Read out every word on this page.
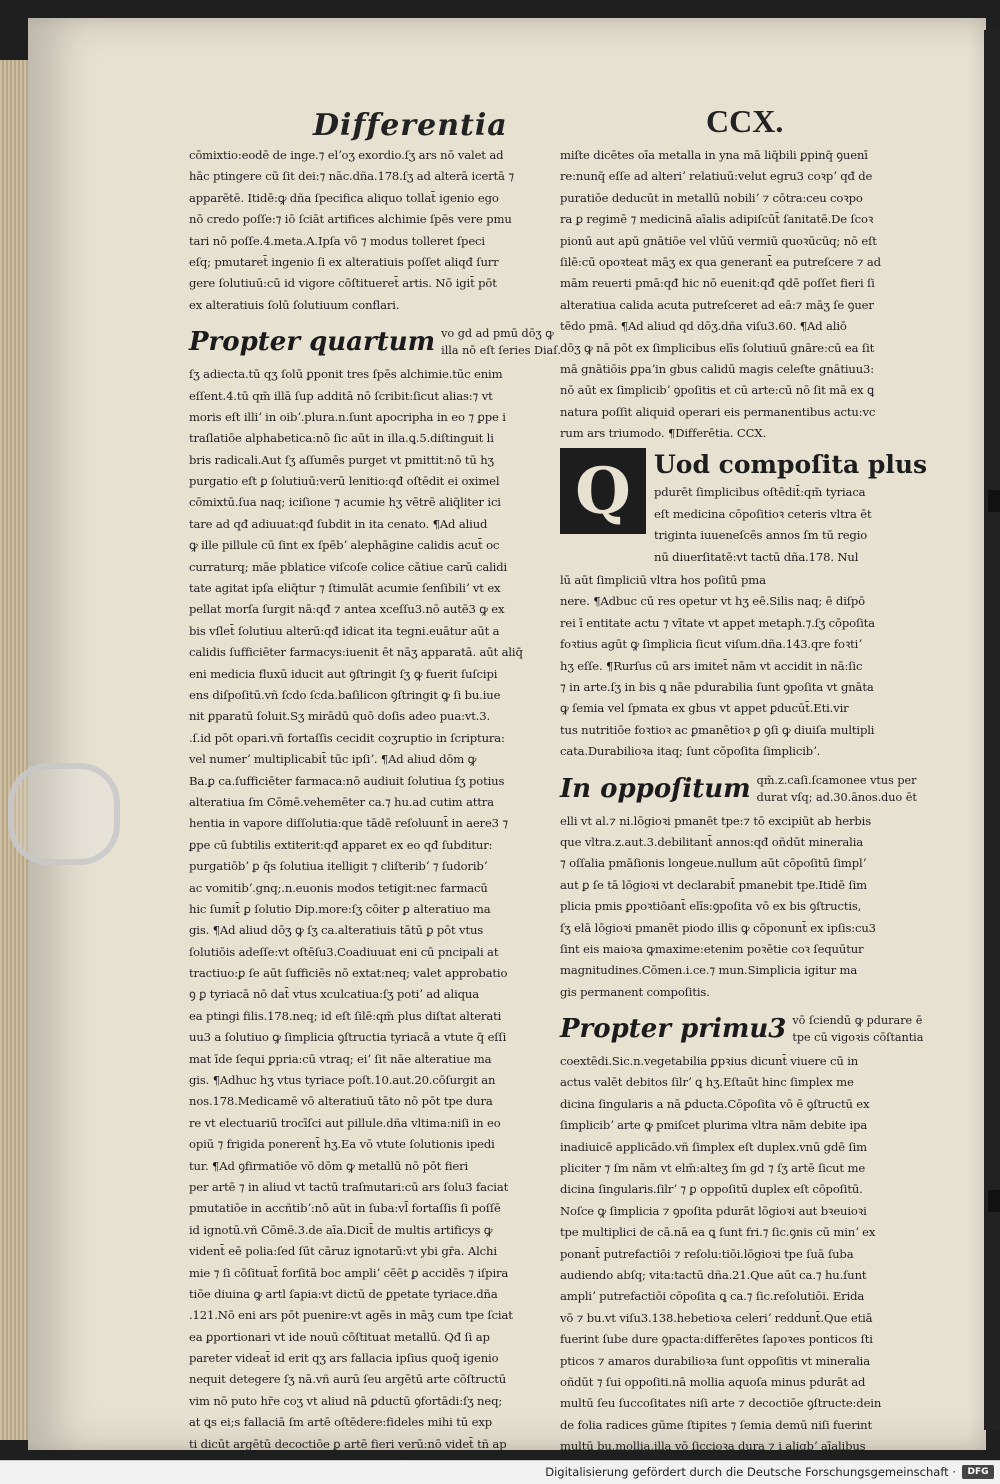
Differentia	CCX.
cōmixtio:eodē de inge.⁊ elʼoʒ exordio.ſʒ ars nō valet ad
hāc ptingere cū ſit dei:⁊ nāc.dña.178.ſʒ ad alterā icertā ⁊
apparētē. Itidē:ꝙ dña ſpecifica aliquo tollat̄ igenio ego
nō credo poſſe:⁊ iō ſciāt artifices alchimie ſpēs vere pmu
tari nō poſſe.4.meta.A.Ipſa vō ⁊ modus tolleret ſpeci
eſq; pmutaret̄ ingenio ſi ex alteratiuis poſſet aliqđ ſurr
gere ſolutiuū:cū id vigore cōſtitueret̄ artis. Nō igit̄ pōt
ex alteratiuis ſolū ſolutiuum conflari.
Propter quartum vo gd ad pmū dōʒ ꝙ
illa nō eſt ſeries Diaſ.
ſʒ adiecta.tū qʒ ſolū ꝑponit tres ſpēs alchimie.tūc enim
eſſent.4.tū qm̄ illā ſup additā nō ſcribit:ſicut alias:⁊ vt
moris eſt illiʼ in oibʼ.plura.n.ſunt apocripha in eo ⁊ ꝑpe i
traſlatiōe alphabetica:nō ſic aūt in illa.ꝗ.5.diſtinguit li
bris radicali.Aut ſʒ aſſumēs purget vt pmittit:nō tū hʒ
purgatio eſt ꝑ ſolutiuū:verū lenitio:qđ oſtēdit ei oximel
cōmixtū.ſua naq; iciſione ⁊ acumie hʒ vētrē aliq̄liter ici
tare ad qđ adiuuat:qđ ſubdit in ita cenato. ¶Ad aliud
ꝙ ille pillule cū ſint ex ſpēbʼ alephāgine calidis acut̄ oc
curraturq; māe pblatice viſcoſe colice cātiue carū calidi
tate agitat ipſa eliq̄tur ⁊ ſtimulāt acumie ſenſibiliʼ vt ex
pellat morſa ſurgit nā:qđ ⁊ antea xceſſu3.nō autē3 ꝙ ex
bis vſlet̄ ſolutiuu alterū:qđ idicat ita tegni.euātur aūt a
calidis ſufficiēter farmacys:iuenit ēt nāʒ apparatā. aūt aliq̄
eni medicia fluxū iducit aut ꝯſtringit ſʒ ꝙ fuerit ſuſcipi
ens diſpoſitū.vñ ſcdo ſcda.baſilicon ꝯſtringit ꝙ ſi bu.iue
nit ꝑparatū ſoluit.Sʒ mirādū quō doſis adeo pua:vt.3.
.ſ.id pōt opari.vñ fortaſſis cecidit coʒruptio in ſcriptura:
vel numerʼ multiplicabit̄ tūc ipſiʼ. ¶Ad aliud dōm ꝙ
Ba.ꝑ ca.ſufficiēter farmaca:nō audiuit ſolutiua ſʒ potius
alteratiua ſm Cōmē.vehemēter ca.⁊ hu.ad cutim attra
hentia in vapore diſſolutia:que tādē reſoluunt̄ in aere3 ⁊
ꝑpe cū ſubtilis extiterit:qđ apparet ex eo qđ ſubditur:
purgatiōbʼ ꝑ q̄s ſolutiua itelligit ⁊ cliſteribʼ ⁊ ſudoribʼ
ac vomitibʼ.gnq;.n.euonis modos tetigit:nec farmacū
hic ſumit̄ ꝑ ſolutio Dip.more:ſʒ cōiter ꝑ alteratiuo ma
gis. ¶Ad aliud dōʒ ꝙ ſʒ ca.alteratiuis tātū ꝑ pōt vtus
ſolutiōis adeſſe:vt oſtēſu3.Coadiuuat eni cū pncipali at
tractiuo:ꝑ ſe aūt ſufficiēs nō extat:neq; valet approbatio
ꝯ ꝑ tyriacā nō dat̄ vtus xculcatiua:ſʒ potiʼ ad aliqua
ea ptingi filis.178.neq; id eſt ſilē:qm̄ plus diſtat alterati
uu3 a ſolutiuo ꝙ ſimplicia ꝯſtructia tyriacā a vtute q̄ eſſi
mat īde ſequi ꝑpria:cū vtraq; eiʼ ſit nāe alteratiue ma
gis. ¶Adhuc hʒ vtus tyriace poſt.10.aut.20.cōſurgit an
nos.178.Medicamē vō alteratiuū tāto nō pōt tpe dura
re vt electuariū trocīſci aut pillule.dña vltima:niſi in eo
opiū ⁊ frigida ponerent̄ hʒ.Ea vō vtute ſolutionis ipedi
tur. ¶Ad ꝯfirmatiōe vō dōm ꝙ metallū nō pōt fieri
per artē ⁊ in aliud vt tactū traſmutari:cū ars ſolu3 faciat
pmutatiōe in accñtibʼ:nō aūt in ſuba:vl̄ fortaſſis ſi poſſē
id ignotū.vñ Cōmē.3.de aīa.Dicit̄ de multis artificys ꝙ
vident̄ eē polia:ſed ſūt cāruz ignotarū:vt ybi gr̄a. Alchi
mie ⁊ ſi cōſituat̄ forſitā boc ampliʼ cēēt ꝑ accidēs ⁊ iſpira
tiōe diuina ꝙ artl ſapia:vt dictū de ꝑpetate tyriace.dña
.121.Nō eni ars pōt puenire:vt agēs in māʒ cum tpe ſciat
ea ꝑportionari vt ide nouū cōſtituat metallū. Qđ ſi ap
pareter videat̄ id erit qʒ ars fallacia ipſius quoq̄ igenio
nequit detegere ſʒ nā.vñ aurū ſeu argētū arte cōſtructū
vim nō puto hr̄e coʒ vt aliud nā ꝑductū ꝯfortādi:ſʒ neq;
at ꝗs ei;s fallaciā ſm artē oſtēdere:fideles mihi tū exp
ti dicūt argētū decoctiōe ꝑ artē fieri verū:nō videt̄ tñ ap
miſte dicētes oīa metalla in yna mā liq̄bili ꝑpinq̄ ꝯuenī
re:nunq̄ eſſe ad alteriʼ relatiuū:velut egru3 coꝛpʼ qđ de
puratiōe deducūt in metallū nobiliʼ ⁊ cōtra:ceu coꝛpo
ra ꝑ regimē ⁊ medicinā aīalis adipiſcūt̄ ſanitatē.De ſcoꝛ
pionū aut apū gnātiōe vel vlūū vermiū quoꝛūcūq; nō eſt
ſilē:cū opoꝛteat māʒ ex qua generant̄ ea putreſcere ⁊ ad
mām reuerti pmā:qđ hic nō euenit:qđ qdē poſſet fieri ſi
alteratiua calida acuta putreſceret ad eā:⁊ māʒ ſe ꝯuer
tēdo pmā. ¶Ad aliud qd dōʒ.dña viſu3.60. ¶Ad aliō
dōʒ ꝙ nā pōt ex ſimplicibus elīs ſolutiuū gnāre:cū ea ſit
mā gnātiōis ꝑpaʼin gbus calidū magis celeſte gnātiuu3:
nō aūt ex ſimplicibʼ ꝯpoſitis et cū arte:cū nō ſit mā ex ꝗ
natura poſſit aliquid operari eis permanentibus actu:vc
rum ars triumodo. ¶Differētia. CCX.
Q Uod compoſita plus
pdurēt ſimplicibus oſtēdit̄:qm̄ tyriaca
eſt medicina cōpoſitioꝛ ceteris vltra ēt
triginta iuueneſcēs annos ſm tū regio
nū diuerſitatē:vt tactū dña.178. Nul
lū aūt ſimpliciū vltra hos poſitū pma
nere. ¶Adbuc cū res opetur vt hʒ eē.Silis naq; ē diſpō
rei ī entitate actu ⁊ vītate vt appet metaph.⁊.ſʒ cōpoſita
foꝛtius agūt ꝙ ſimplicia ſicut viſum.dña.143.qre foꝛtiʼ
hʒ eſſe. ¶Rurſus cū ars imitet̄ nām vt accidit in nā:ſic
⁊ in arte.ſʒ in bis ꝗ nāe pdurabilia ſunt ꝯpoſita vt gnāta
ꝙ ſemia vel ſpmata ex gbus vt appet ꝑducūt̄.Eti.vir
tus nutritiōe foꝛtioꝛ ac ꝑmanētioꝛ ꝑ ꝯſi ꝙ diuiſa multipli
cata.Durabilioꝛa itaq; ſunt cōpoſita ſimplicibʼ.
In oppoſitum qm̄.z.caſi.ſcamonee vtus per
durat vſq; ad.30.ānos.duo ēt
elli vt al.⁊ ni.lōgioꝛi pmanēt tpe:⁊ tō excipiūt ab herbis
que vltra.z.aut.3.debilitant̄ annos:qđ oñdūt mineralia
⁊ oſſalia pmāſionis longeue.nullum aūt cōpoſitū ſimplʼ
aut ꝑ ſe tā lōgioꝛi vt declarabit̄ pmanebit tpe.Itidē ſim
plicia pmis ꝑpoꝛtiōant̄ elīs:ꝯpoſita vō ex bis ꝯſtructis,
ſʒ elā lōgioꝛi pmanēt piodo illis ꝙ cōponunt̄ ex ipſis:cu3
ſint eis maioꝛa ꝙmaxime:etenim poꝛētie coꝛ ſequūtur
magnitudines.Cōmen.i.ce.⁊ mun.Simplicia igitur ma
gis permanent compoſitis.
Propter primu3 vō ſciendū ꝙ pdurare ē
tpe cū vigoꝛis cōſtantia
coextēdi.Sic.n.vegetabilia ꝑpꝛius dicunt̄ viuere cū in
actus valēt debitos ſilrʼ ꝗ hʒ.Eſtaūt hinc ſimplex me
dicina ſingularis a nā ꝑducta.Cōpoſita vō ē ꝯſtructū ex
ſimplicibʼ arte ꝙ pmiſcet plurima vltra nām debite ipa
inadiuicē applicādo.vñ ſimplex eſt duplex.vnū gdē ſim
pliciter ⁊ ſm nām vt elm̄:alteʒ ſm gd ⁊ ſʒ artē ſicut me
dicina ſingularis.ſilrʼ ⁊ ꝑ oppoſitū duplex eſt cōpoſitū.
Noſce ꝙ ſimplicia ⁊ ꝯpoſita pdurāt lōgioꝛi aut bꝛeuioꝛi
tpe multiplici de cā.nā ea ꝗ ſunt fri.⁊ ſic.ꝯnis cū minʼ ex
ponant̄ putrefactiōi ⁊ reſolu:tiōi.lōgioꝛi tpe ſuā ſuba
audiendo abſq; vita:tactū dña.21.Que aūt ca.⁊ hu.ſunt
ampliʼ putrefactiōi cōpoſita ꝗ ca.⁊ ſic.reſolutiōi. Erida
vō ⁊ bu.vt viſu3.138.hebetioꝛa celeriʼ reddunt̄.Que etiā
fuerint ſube dure ꝯpacta:differētes ſapoꝛes ponticos ſti
pticos ⁊ amaros durabilioꝛa ſunt oppoſitis vt mineralia
oñdūt ⁊ ſui oppoſiti.nā mollia aquoſa minus pdurāt ad
multū ſeu ſuccoſitates niſi arte ⁊ decoctiōe ꝯſtructe:dein
de folia radices gūme ſtipites ⁊ ſemia demū niſi fuerint
multū bu.mollia.illa vō ſiccioꝛa dura ⁊ i aligbʼ aīalibus
Digitalisierung gefördert durch die Deutsche Forschungsgemeinschaft ·	DFG
